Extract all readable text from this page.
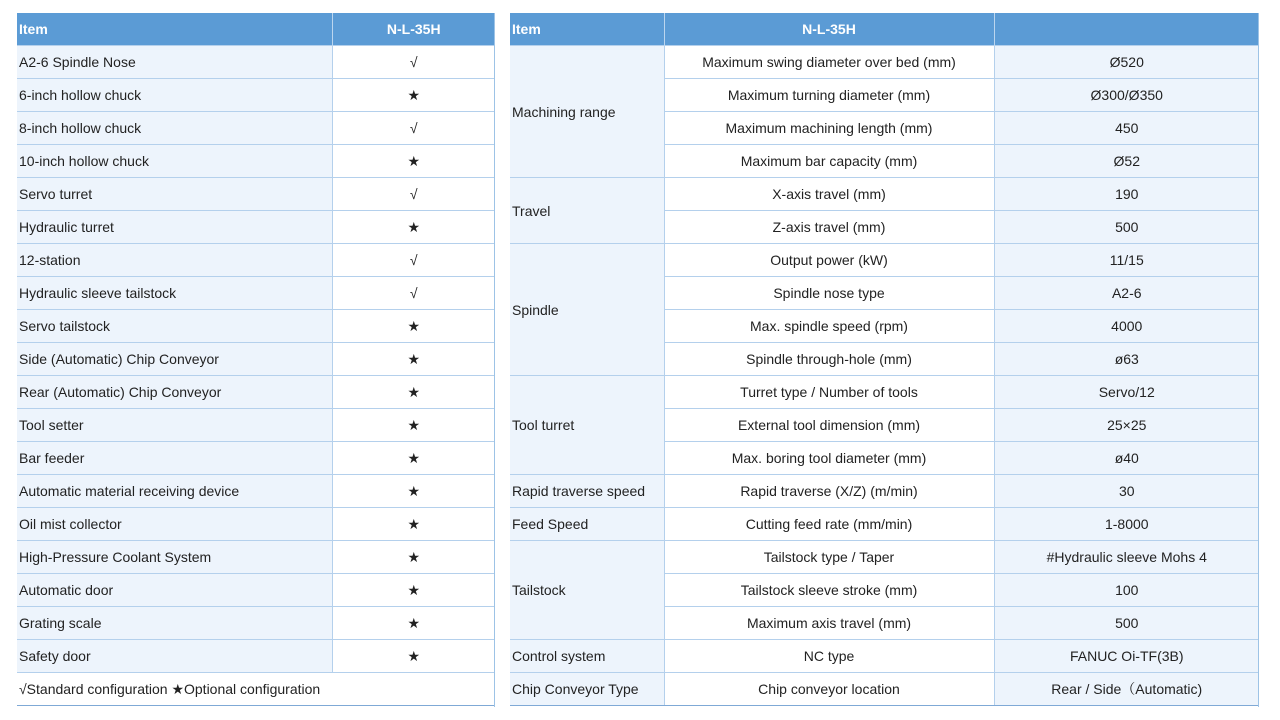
Item	N-L-35H
A2-6 Spindle Nose	√
6-inch hollow chuck	★
8-inch hollow chuck	√
10-inch hollow chuck	★
Servo turret	√
Hydraulic turret	★
12-station	√
Hydraulic sleeve tailstock	√
Servo tailstock	★
Side (Automatic) Chip Conveyor	★
Rear (Automatic) Chip Conveyor	★
Tool setter	★
Bar feeder	★
Automatic material receiving device	★
Oil mist collector	★
High-Pressure Coolant System	★
Automatic door	★
Grating scale	★
Safety door	★
√Standard configuration ★Optional configuration	
Item	N-L-35H	
Machining range	Maximum swing diameter over bed (mm)	Ø520
	Maximum turning diameter (mm)	Ø300/Ø350
	Maximum machining length (mm)	450
	Maximum bar capacity (mm)	Ø52
Travel	X-axis travel (mm)	190
	Z-axis travel (mm)	500
Spindle	Output power (kW)	11/15
	Spindle nose type	A2-6
	Max. spindle speed (rpm)	4000
	Spindle through-hole (mm)	ø63
Tool turret	Turret type / Number of tools	Servo/12
	External tool dimension (mm)	25×25
	Max. boring tool diameter (mm)	ø40
Rapid traverse speed	Rapid traverse (X/Z) (m/min)	30
Feed Speed	Cutting feed rate (mm/min)	1-8000
Tailstock	Tailstock type / Taper	#Hydraulic sleeve Mohs 4
	Tailstock sleeve stroke (mm)	100
	Maximum axis travel (mm)	500
Control system	NC type	FANUC Oi-TF(3B)
Chip Conveyor Type	Chip conveyor location	Rear / Side（Automatic)
